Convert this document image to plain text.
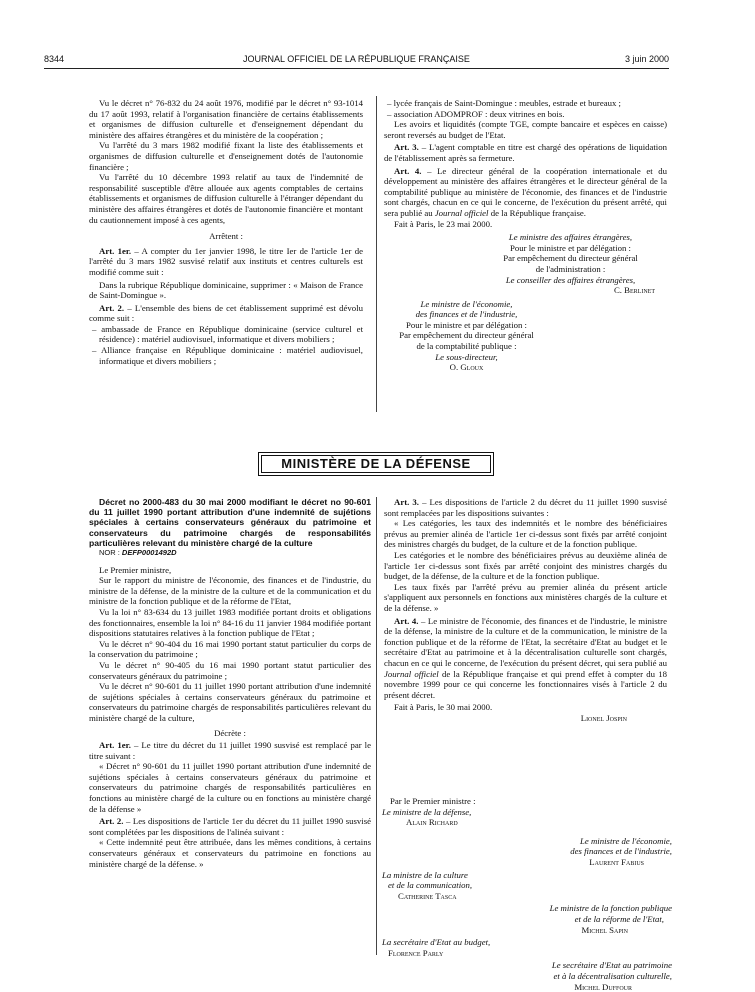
8344	JOURNAL OFFICIEL DE LA RÉPUBLIQUE FRANÇAISE	3 juin 2000

Vu le décret n° 76-832 du 24 août 1976, modifié par le décret n° 93-1014 du 17 août 1993, relatif à l'organisation financière de certains établissements et organismes de diffusion culturelle et d'enseignement dépendant du ministère des affaires étrangères et du ministère de la coopération ;

Vu l'arrêté du 3 mars 1982 modifié fixant la liste des établissements et organismes de diffusion culturelle et d'enseignement dotés de l'autonomie financière ;

Vu l'arrêté du 10 décembre 1993 relatif au taux de l'indemnité de responsabilité susceptible d'être allouée aux agents comptables de certains établissements et organismes de diffusion culturelle à l'étranger dépendant du ministère des affaires étrangères et dotés de l'autonomie financière et montant du cautionnement imposé à ces agents,

Arrêtent :

Art. 1er. – A compter du 1er janvier 1998, le titre Ier de l'article 1er de l'arrêté du 3 mars 1982 susvisé relatif aux instituts et centres culturels est modifié comme suit :

Dans la rubrique République dominicaine, supprimer : « Maison de France de Saint-Domingue ».

Art. 2. – L'ensemble des biens de cet établissement supprimé est dévolu comme suit :

– ambassade de France en République dominicaine (service culturel et résidence) : matériel audiovisuel, informatique et divers mobiliers ;

– Alliance française en République dominicaine : matériel audiovisuel, informatique et divers mobiliers ;

– lycée français de Saint-Domingue : meubles, estrade et bureaux ;

– association ADOMPROF : deux vitrines en bois.

Les avoirs et liquidités (compte TGE, compte bancaire et espèces en caisse) seront reversés au budget de l'Etat.

Art. 3. – L'agent comptable en titre est chargé des opérations de liquidation de l'établissement après sa fermeture.

Art. 4. – Le directeur général de la coopération internationale et du développement au ministère des affaires étrangères et le directeur général de la comptabilité publique au ministère de l'économie, des finances et de l'industrie sont chargés, chacun en ce qui le concerne, de l'exécution du présent arrêté, qui sera publié au Journal officiel de la République française.

Fait à Paris, le 23 mai 2000.

Le ministre des affaires étrangères,
Pour le ministre et par délégation :
Par empêchement du directeur général
de l'administration :
Le conseiller des affaires étrangères,
C. Berlinet
Le ministre de l'économie,
des finances et de l'industrie,
Pour le ministre et par délégation :
Par empêchement du directeur général
de la comptabilité publique :
Le sous-directeur,
O. Gloux
MINISTÈRE DE LA DÉFENSE

Décret no 2000-483 du 30 mai 2000 modifiant le décret no 90-601 du 11 juillet 1990 portant attribution d'une indemnité de sujétions spéciales à certains conservateurs généraux du patrimoine et conservateurs du patrimoine chargés de responsabilités particulières relevant du ministère chargé de la culture

NOR : DEFP0001492D

Le Premier ministre,

Sur le rapport du ministre de l'économie, des finances et de l'industrie, du ministre de la défense, de la ministre de la culture et de la communication et du ministre de la fonction publique et de la réforme de l'Etat,

Vu la loi n° 83-634 du 13 juillet 1983 modifiée portant droits et obligations des fonctionnaires, ensemble la loi n° 84-16 du 11 janvier 1984 modifiée portant dispositions statutaires relatives à la fonction publique de l'Etat ;

Vu le décret n° 90-404 du 16 mai 1990 portant statut particulier du corps de la conservation du patrimoine ;

Vu le décret n° 90-405 du 16 mai 1990 portant statut particulier des conservateurs généraux du patrimoine ;

Vu le décret n° 90-601 du 11 juillet 1990 portant attribution d'une indemnité de sujétions spéciales à certains conservateurs généraux du patrimoine et conservateurs du patrimoine chargés de responsabilités particulières relevant du ministère chargé de la culture,

Décrète :

Art. 1er. – Le titre du décret du 11 juillet 1990 susvisé est remplacé par le titre suivant :

« Décret n° 90-601 du 11 juillet 1990 portant attribution d'une indemnité de sujétions spéciales à certains conservateurs généraux du patrimoine et conservateurs du patrimoine chargés de responsabilités particulières en fonctions au ministère chargé de la culture ou en fonctions au ministère chargé de la défense »

Art. 2. – Les dispositions de l'article 1er du décret du 11 juillet 1990 susvisé sont complétées par les dispositions de l'alinéa suivant :

« Cette indemnité peut être attribuée, dans les mêmes conditions, à certains conservateurs généraux et conservateurs du patrimoine en fonctions au ministère chargé de la défense. »

Art. 3. – Les dispositions de l'article 2 du décret du 11 juillet 1990 susvisé sont remplacées par les dispositions suivantes :

« Les catégories, les taux des indemnités et le nombre des bénéficiaires prévus au premier alinéa de l'article 1er ci-dessus sont fixés par arrêté conjoint des ministres chargés du budget, de la culture et de la fonction publique.

Les catégories et le nombre des bénéficiaires prévus au deuxième alinéa de l'article 1er ci-dessus sont fixés par arrêté conjoint des ministres chargés du budget, de la défense, de la culture et de la fonction publique.

Les taux fixés par l'arrêté prévu au premier alinéa du présent article s'appliquent aux personnels en fonctions aux ministères chargés de la culture et de la défense. »

Art. 4. – Le ministre de l'économie, des finances et de l'industrie, le ministre de la défense, la ministre de la culture et de la communication, le ministre de la fonction publique et de la réforme de l'Etat, la secrétaire d'Etat au budget et le secrétaire d'Etat au patrimoine et à la décentralisation culturelle sont chargés, chacun en ce qui le concerne, de l'exécution du présent décret, qui sera publié au Journal officiel de la République française et qui prend effet à compter du 18 novembre 1999 pour ce qui concerne les fonctionnaires visés à l'article 2 du présent décret.

Fait à Paris, le 30 mai 2000.

Lionel Jospin
Par le Premier ministre :
Le ministre de la défense,
Alain Richard
Le ministre de l'économie,
des finances et de l'industrie,
Laurent Fabius
La ministre de la culture
et de la communication,
Catherine Tasca
Le ministre de la fonction publique
et de la réforme de l'Etat,
Michel Sapin
La secrétaire d'Etat au budget,
Florence Parly
Le secrétaire d'Etat au patrimoine
et à la décentralisation culturelle,
Michel Duffour
